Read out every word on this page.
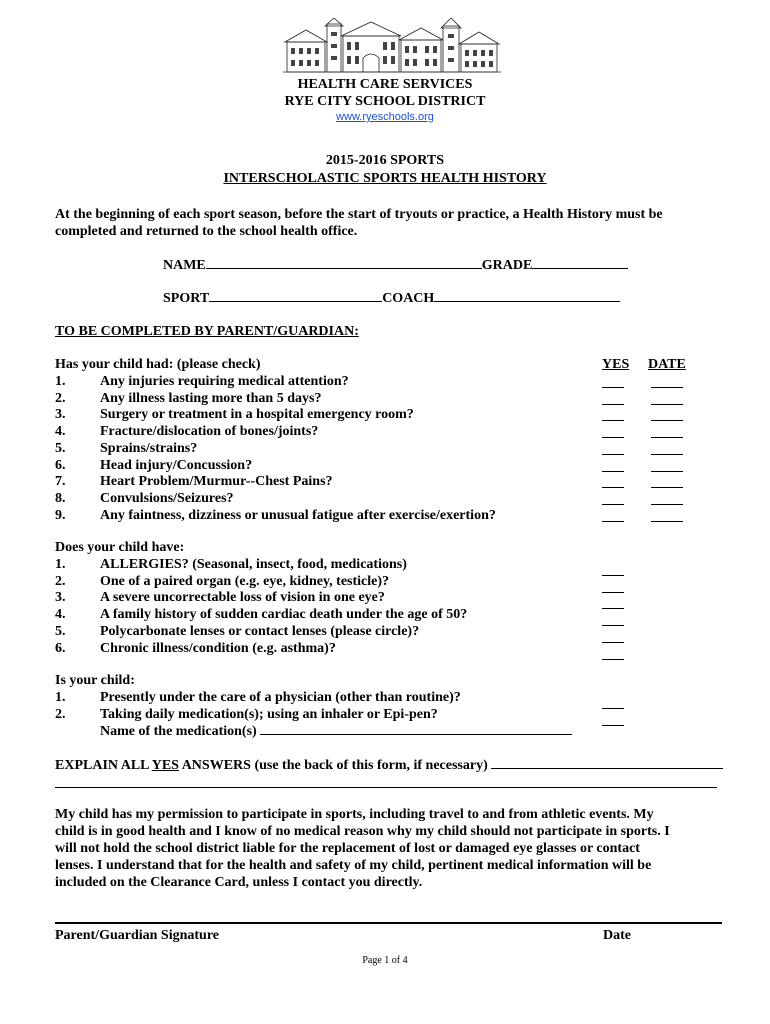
HEALTH CARE SERVICES
RYE CITY SCHOOL DISTRICT
www.ryeschools.org
2015-2016 SPORTS
INTERSCHOLASTIC SPORTS HEALTH HISTORY
At the beginning of each sport season, before the start of tryouts or practice, a Health History must be
completed and returned to the school health office.
NAME	GRADE
SPORT	COACH
TO BE COMPLETED BY PARENT/GUARDIAN:
Has your child had: (please check)	YES DATE
1. Any injuries requiring medical attention?
2. Any illness lasting more than 5 days?
3. Surgery or treatment in a hospital emergency room?
4. Fracture/dislocation of bones/joints?
5. Sprains/strains?
6. Head injury/Concussion?
7. Heart Problem/Murmur--Chest Pains?
8. Convulsions/Seizures?
9. Any faintness, dizziness or unusual fatigue after exercise/exertion?
Does your child have:
1. ALLERGIES? (Seasonal, insect, food, medications)
2. One of a paired organ (e.g. eye, kidney, testicle)?
3. A severe uncorrectable loss of vision in one eye?
4. A family history of sudden cardiac death under the age of 50?
5. Polycarbonate lenses or contact lenses (please circle)?
6. Chronic illness/condition (e.g. asthma)?
Is your child:
1. Presently under the care of a physician (other than routine)?
2. Taking daily medication(s); using an inhaler or Epi-pen?
Name of the medication(s)
EXPLAIN ALL YES ANSWERS (use the back of this form, if necessary)
My child has my permission to participate in sports, including travel to and from athletic events. My
child is in good health and I know of no medical reason why my child should not participate in sports. I
will not hold the school district liable for the replacement of lost or damaged eye glasses or contact
lenses. I understand that for the health and safety of my child, pertinent medical information will be
included on the Clearance Card, unless I contact you directly.
Parent/Guardian Signature	Date
Page 1 of 4
